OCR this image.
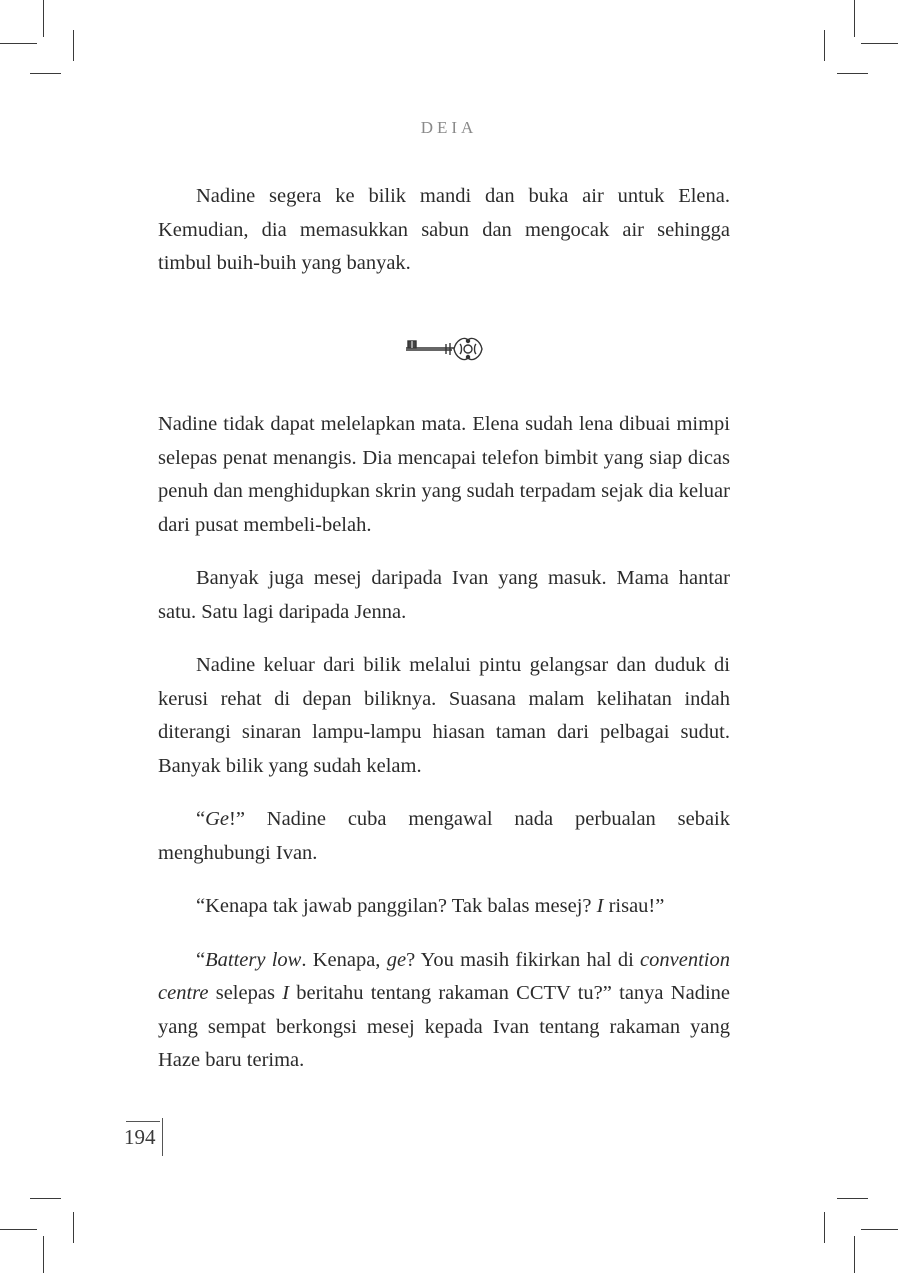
DEIA

Nadine segera ke bilik mandi dan buka air untuk Elena. Kemudian, dia memasukkan sabun dan mengocak air sehingga timbul buih-buih yang banyak.

Nadine tidak dapat melelapkan mata. Elena sudah lena dibuai mimpi selepas penat menangis. Dia mencapai telefon bimbit yang siap dicas penuh dan menghidupkan skrin yang sudah terpadam sejak dia keluar dari pusat membeli-belah.

Banyak juga mesej daripada Ivan yang masuk. Mama hantar satu. Satu lagi daripada Jenna.

Nadine keluar dari bilik melalui pintu gelangsar dan duduk di kerusi rehat di depan biliknya. Suasana malam kelihatan indah diterangi sinaran lampu-lampu hiasan taman dari pelbagai sudut. Banyak bilik yang sudah kelam.

“Ge!” Nadine cuba mengawal nada perbualan sebaik menghubungi Ivan.

“Kenapa tak jawab panggilan? Tak balas mesej? I risau!”

“Battery low. Kenapa, ge? You masih fikirkan hal di convention centre selepas I beritahu tentang rakaman CCTV tu?” tanya Nadine yang sempat berkongsi mesej kepada Ivan tentang rakaman yang Haze baru terima.

194
